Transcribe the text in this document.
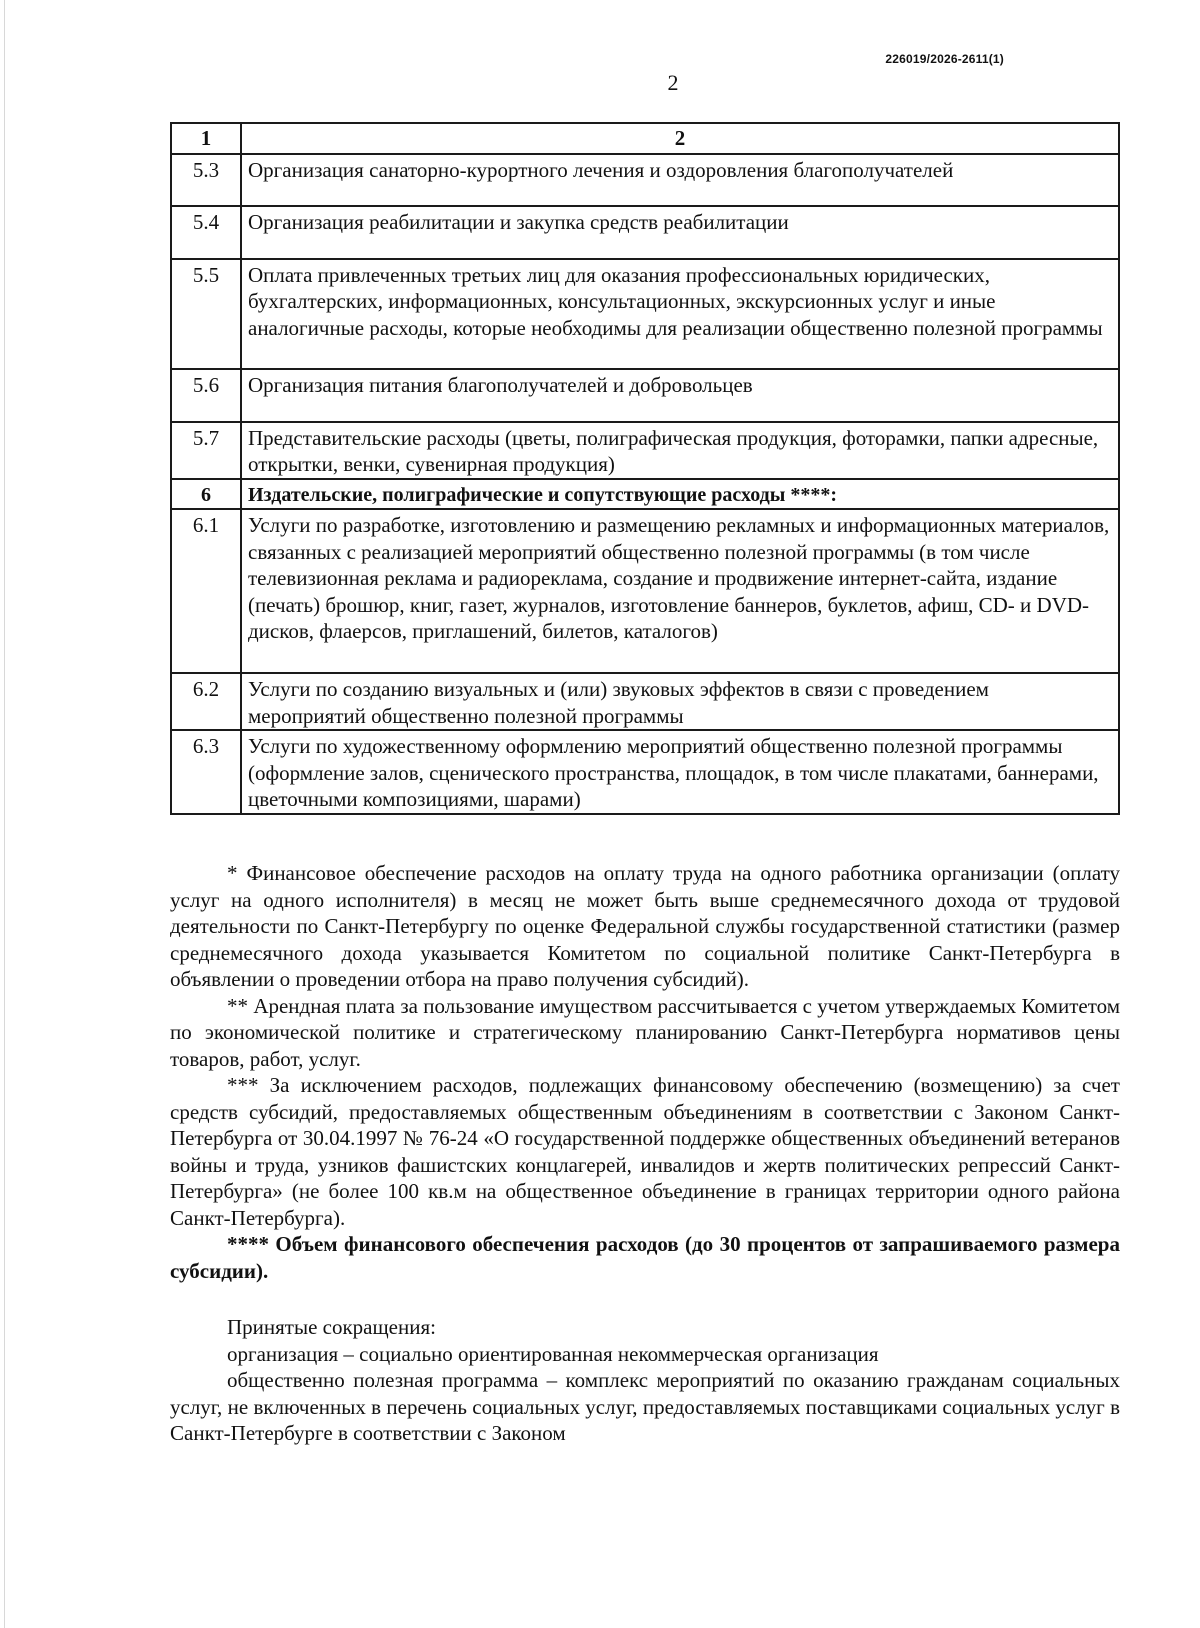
226019/2026-2611(1)
2
1	2
5.3	Организация санаторно-курортного лечения и оздоровления благополучателей
5.4	Организация реабилитации и закупка средств реабилитации
5.5	Оплата привлеченных третьих лиц для оказания профессиональных юридических, бухгалтерских, информационных, консультационных, экскурсионных услуг и иные аналогичные расходы, которые необходимы для реализации общественно полезной программы
5.6	Организация питания благополучателей и добровольцев
5.7	Представительские расходы (цветы, полиграфическая продукция, фоторамки, папки адресные, открытки, венки, сувенирная продукция)
6	Издательские, полиграфические и сопутствующие расходы ****:
6.1	Услуги по разработке, изготовлению и размещению рекламных и информационных материалов, связанных с реализацией мероприятий общественно полезной программы (в том числе телевизионная реклама и радиореклама, создание и продвижение интернет-сайта, издание (печать) брошюр, книг, газет, журналов, изготовление баннеров, буклетов, афиш, CD- и DVD-дисков, флаерсов, приглашений, билетов, каталогов)
6.2	Услуги по созданию визуальных и (или) звуковых эффектов в связи с проведением мероприятий общественно полезной программы
6.3	Услуги по художественному оформлению мероприятий общественно полезной программы (оформление залов, сценического пространства, площадок, в том числе плакатами, баннерами, цветочными композициями, шарами)

* Финансовое обеспечение расходов на оплату труда на одного работника организации (оплату услуг на одного исполнителя) в месяц не может быть выше среднемесячного дохода от трудовой деятельности по Санкт-Петербургу по оценке Федеральной службы государственной статистики (размер среднемесячного дохода указывается Комитетом по социальной политике Санкт-Петербурга в объявлении о проведении отбора на право получения субсидий).

** Арендная плата за пользование имуществом рассчитывается с учетом утверждаемых Комитетом по экономической политике и стратегическому планированию Санкт-Петербурга нормативов цены товаров, работ, услуг.

*** За исключением расходов, подлежащих финансовому обеспечению (возмещению) за счет средств субсидий, предоставляемых общественным объединениям в соответствии с Законом Санкт-Петербурга от 30.04.1997 № 76-24 «О государственной поддержке общественных объединений ветеранов войны и труда, узников фашистских концлагерей, инвалидов и жертв политических репрессий Санкт-Петербурга» (не более 100 кв.м на общественное объединение в границах территории одного района Санкт-Петербурга).

**** Объем финансового обеспечения расходов (до 30 процентов от запрашиваемого размера субсидии).

Принятые сокращения:

организация – социально ориентированная некоммерческая организация

общественно полезная программа – комплекс мероприятий по оказанию гражданам социальных услуг, не включенных в перечень социальных услуг, предоставляемых поставщиками социальных услуг в Санкт-Петербурге в соответствии с Законом
